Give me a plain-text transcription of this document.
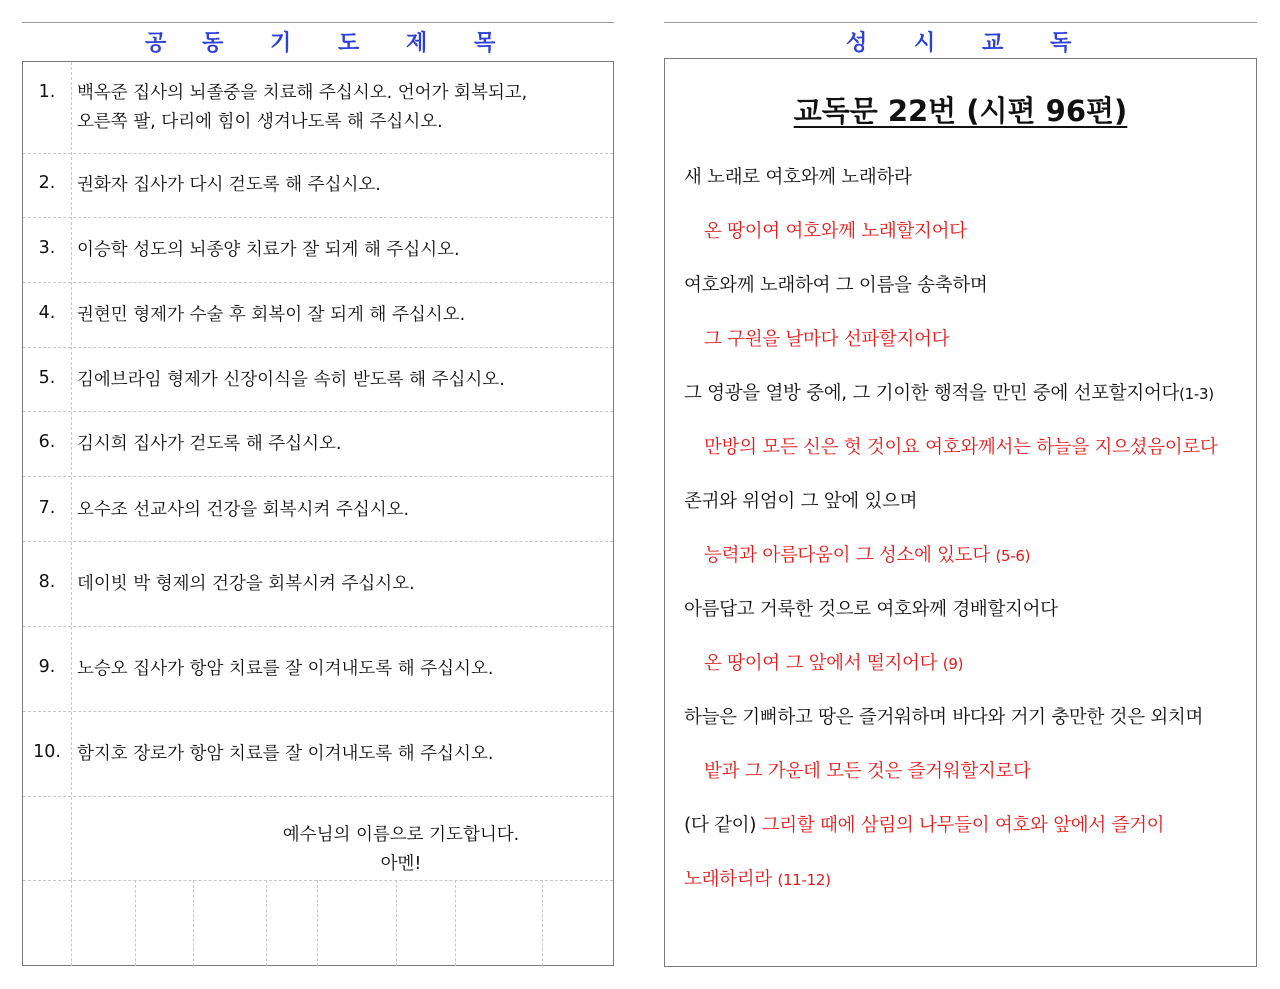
공 동 기 도 제 목
1.	백옥준 집사의 뇌졸중을 치료해 주십시오. 언어가 회복되고,
오른쪽 팔, 다리에 힘이 생겨나도록 해 주십시오.
2.	권화자 집사가 다시 걷도록 해 주십시오.
3.	이승학 성도의 뇌종양 치료가 잘 되게 해 주십시오.
4.	권현민 형제가 수술 후 회복이 잘 되게 해 주십시오.
5.	김에브라임 형제가 신장이식을 속히 받도록 해 주십시오.
6.	김시희 집사가 걷도록 해 주십시오.
7.	오수조 선교사의 건강을 회복시켜 주십시오.
8.	데이빗 박 형제의 건강을 회복시켜 주십시오.
9.	노승오 집사가 항암 치료를 잘 이겨내도록 해 주십시오.
10. 함지호 장로가 항암 치료를 잘 이겨내도록 해 주십시오.
예수님의 이름으로 기도합니다.
아멘!
성 시 교 독
교독문 22번 (시편 96편)
새 노래로 여호와께 노래하라
온 땅이여 여호와께 노래할지어다
여호와께 노래하여 그 이름을 송축하며
그 구원을 날마다 선파할지어다
그 영광을 열방 중에, 그 기이한 행적을 만민 중에 선포할지어다(1-3)
만방의 모든 신은 헛 것이요 여호와께서는 하늘을 지으셨음이로다
존귀와 위엄이 그 앞에 있으며
능력과 아름다움이 그 성소에 있도다 (5-6)
아름답고 거룩한 것으로 여호와께 경배할지어다
온 땅이여 그 앞에서 떨지어다 (9)
하늘은 기뻐하고 땅은 즐거워하며 바다와 거기 충만한 것은 외치며
밭과 그 가운데 모든 것은 즐거워할지로다
(다 같이) 그리할 때에 삼림의 나무들이 여호와 앞에서 즐거이
노래하리라 (11-12)
